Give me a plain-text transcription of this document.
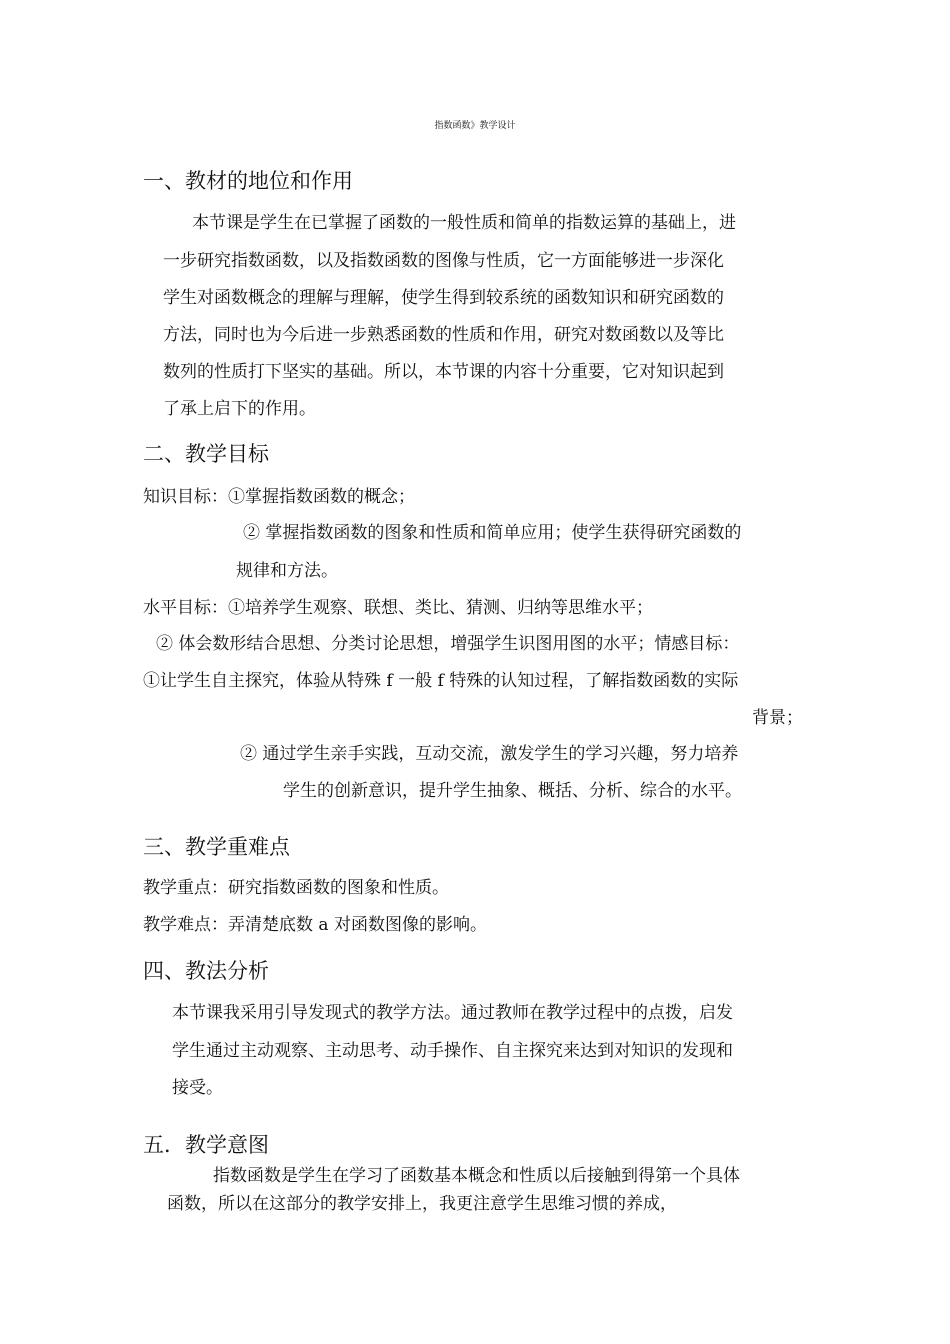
指数函数》教学设计

一、教材的地位和作用

本节课是学生在已掌握了函数的一般性质和简单的指数运算的基础上，进

一步研究指数函数，以及指数函数的图像与性质，它一方面能够进一步深化

学生对函数概念的理解与理解，使学生得到较系统的函数知识和研究函数的

方法，同时也为今后进一步熟悉函数的性质和作用，研究对数函数以及等比

数列的性质打下坚实的基础。所以，本节课的内容十分重要，它对知识起到

了承上启下的作用。

二、教学目标

知识目标：①掌握指数函数的概念；

② 掌握指数函数的图象和性质和简单应用；使学生获得研究函数的

规律和方法。

水平目标：①培养学生观察、联想、类比、猜测、归纳等思维水平；

② 体会数形结合思想、分类讨论思想，增强学生识图用图的水平；情感目标：

①让学生自主探究，体验从特殊 f 一般 f 特殊的认知过程，了解指数函数的实际

背景；

② 通过学生亲手实践，互动交流，激发学生的学习兴趣，努力培养

学生的创新意识，提升学生抽象、概括、分析、综合的水平。

三、教学重难点

教学重点：研究指数函数的图象和性质。

教学难点：弄清楚底数 a 对函数图像的影响。

四、教法分析

本节课我采用引导发现式的教学方法。通过教师在教学过程中的点拨，启发

学生通过主动观察、主动思考、动手操作、自主探究来达到对知识的发现和

接受。

五．教学意图

指数函数是学生在学习了函数基本概念和性质以后接触到得第一个具体

函数，所以在这部分的教学安排上，我更注意学生思维习惯的养成，
